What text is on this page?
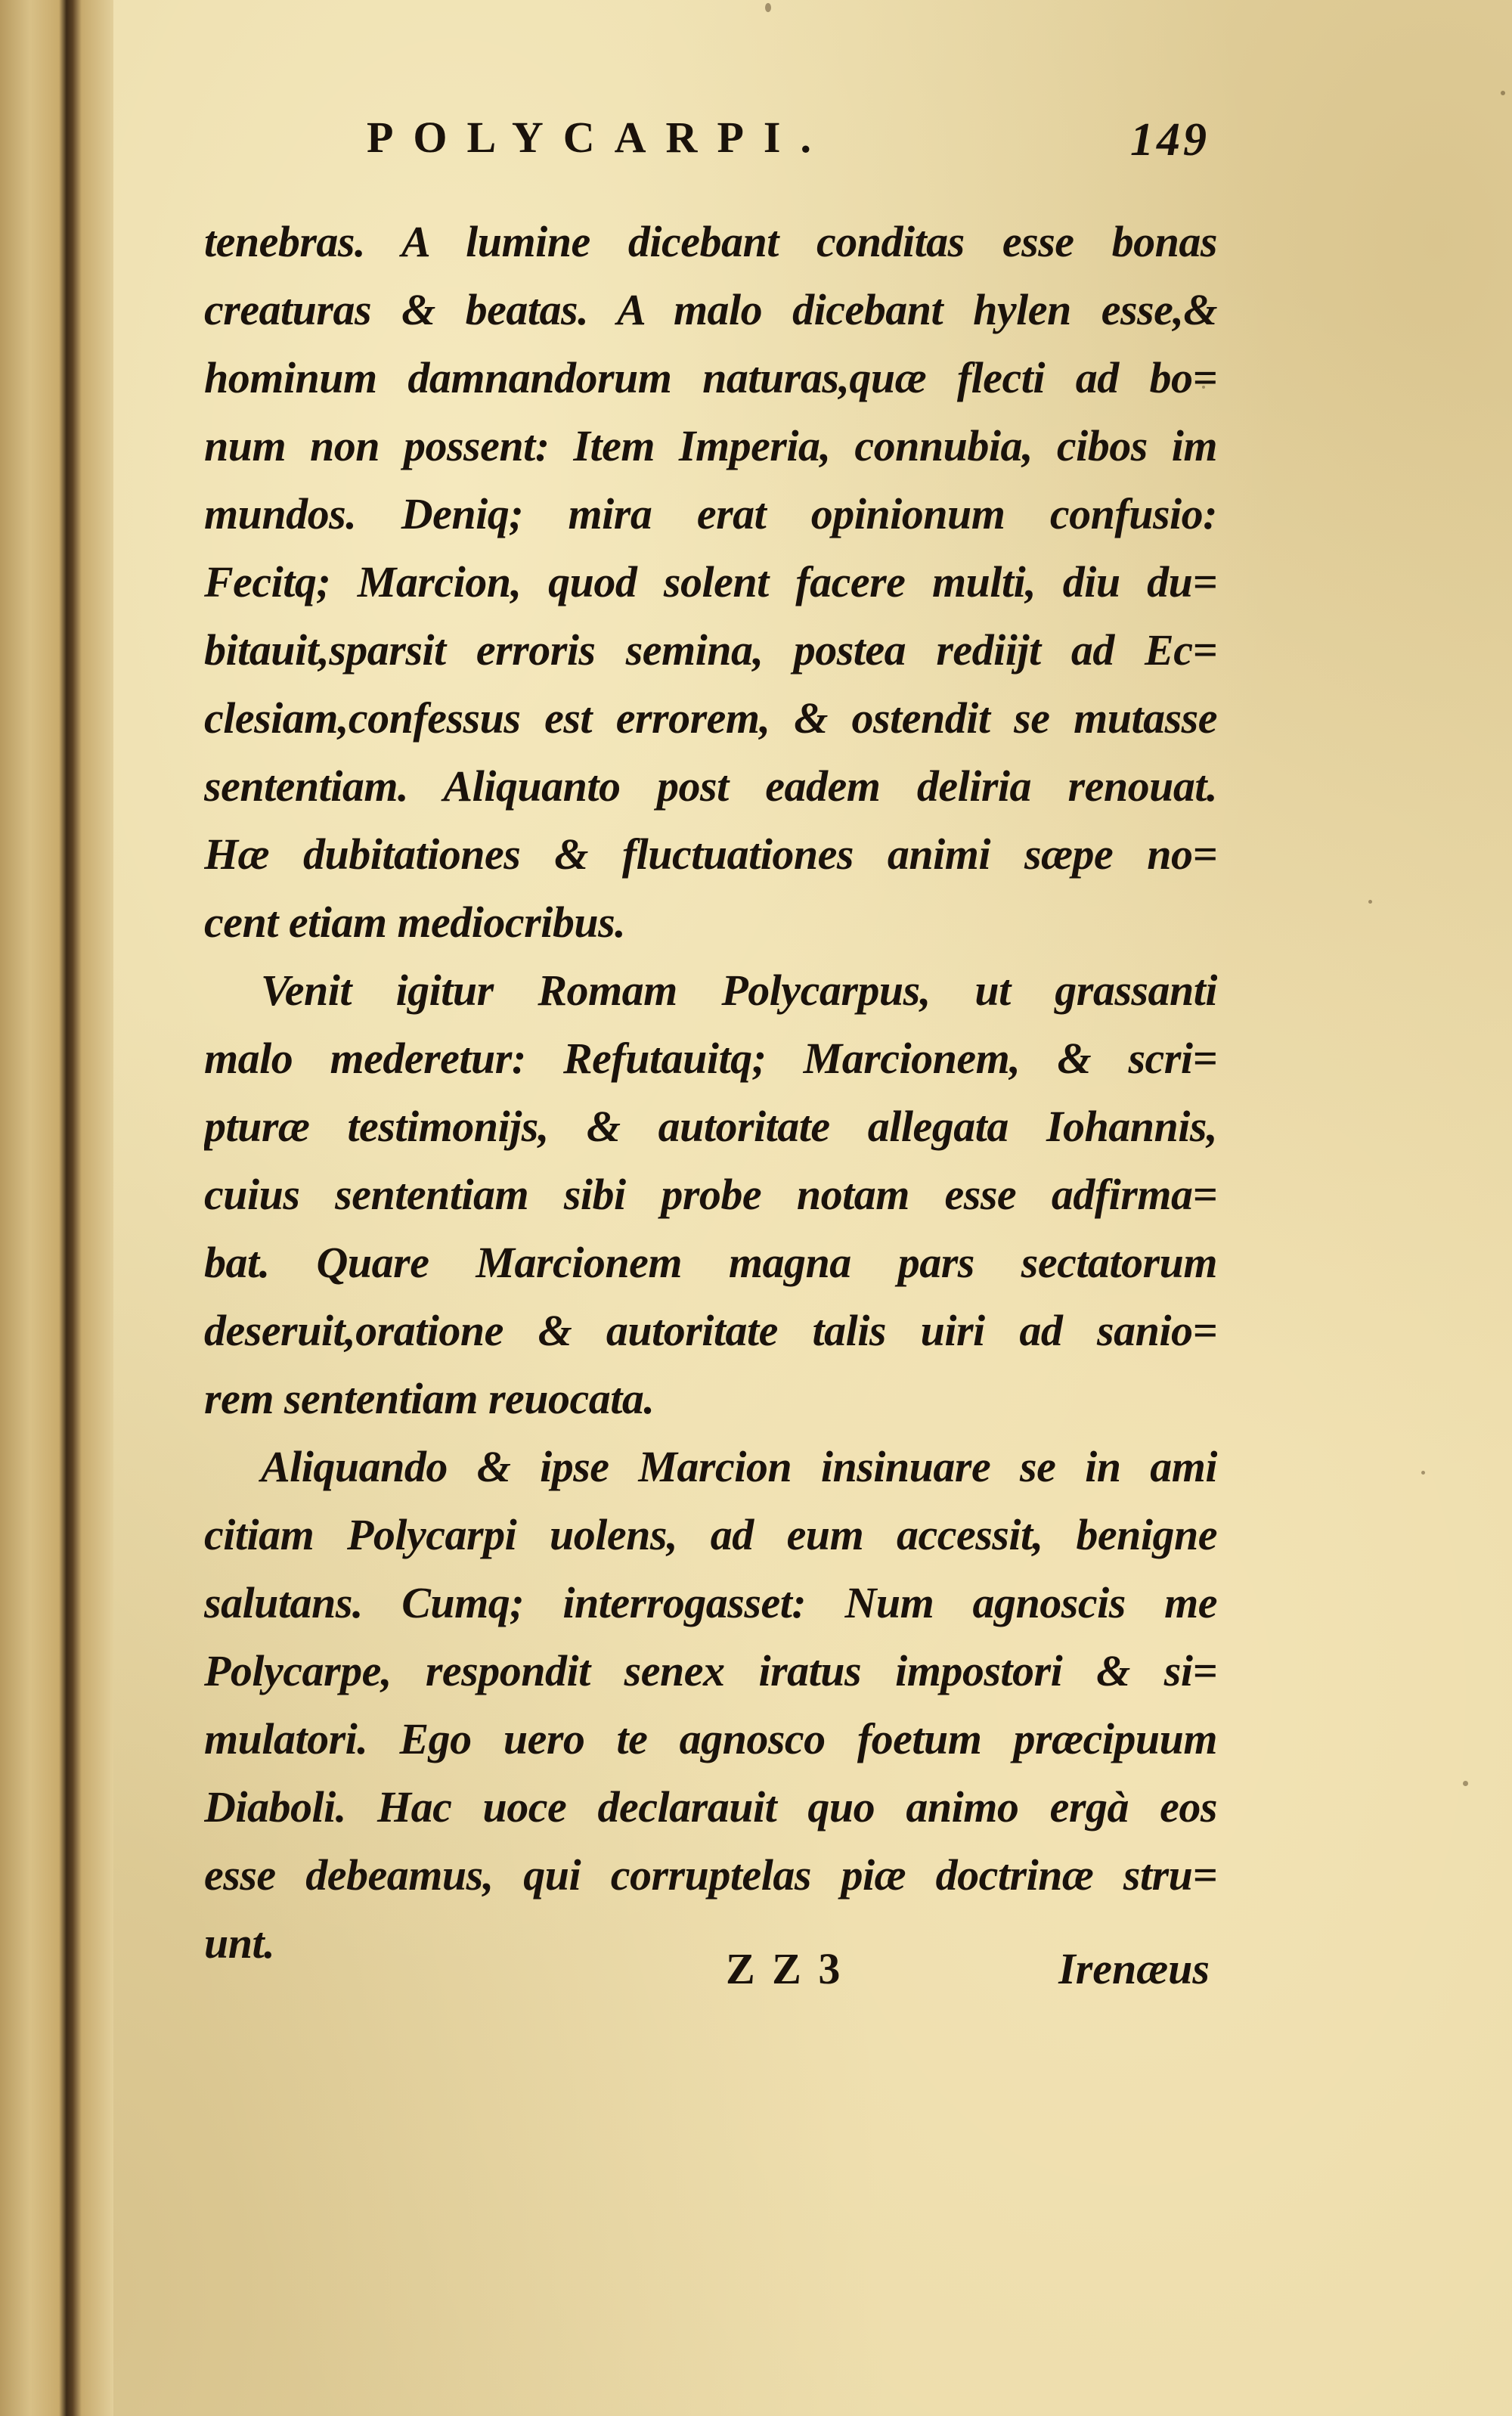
POLYCARPI.	149
tenebras. A lumine dicebant conditas esse bonas
creaturas & beatas. A malo dicebant hylen esse,&
hominum damnandorum naturas,quæ flecti ad bo=
num non possent: Item Imperia, connubia, cibos im
mundos. Deniq; mira erat opinionum confusio:
Fecitq; Marcion, quod solent facere multi, diu du=
bitauit,sparsit erroris semina, postea rediijt ad Ec=
clesiam,confessus est errorem, & ostendit se mutasse
sententiam. Aliquanto post eadem deliria renouat.
Hæ dubitationes & fluctuationes animi sæpe no=
cent etiam mediocribus.
Venit igitur Romam Polycarpus, ut grassanti
malo mederetur: Refutauitq; Marcionem, & scri=
pturæ testimonijs, & autoritate allegata Iohannis,
cuius sententiam sibi probe notam esse adfirma=
bat. Quare Marcionem magna pars sectatorum
deseruit,oratione & autoritate talis uiri ad sanio=
rem sententiam reuocata.
Aliquando & ipse Marcion insinuare se in ami
citiam Polycarpi uolens, ad eum accessit, benigne
salutans. Cumq; interrogasset: Num agnoscis me
Polycarpe, respondit senex iratus impostori & si=
mulatori. Ego uero te agnosco foetum præcipuum
Diaboli. Hac uoce declarauit quo animo ergà eos
esse debeamus, qui corruptelas piæ doctrinæ stru=
unt.
Z Z 3	Irenæus
